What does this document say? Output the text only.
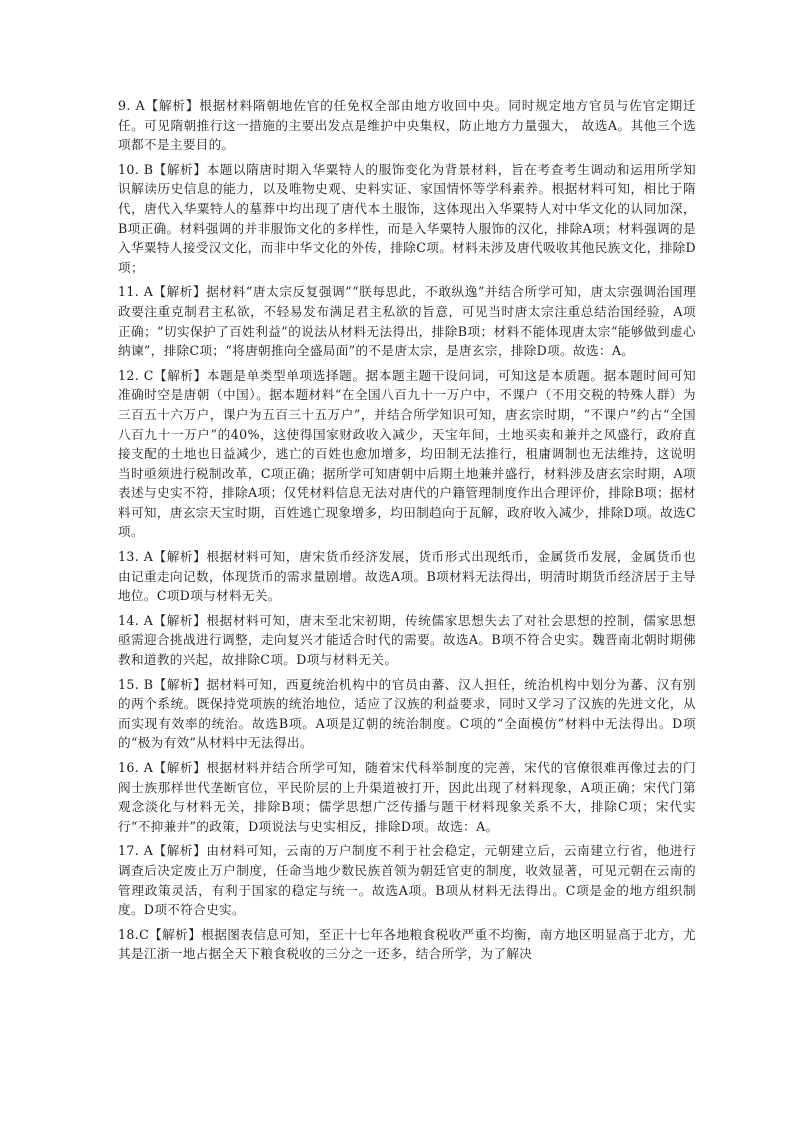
9. A【解析】根据材料隋朝地佐官的任免权全部由地方收回中央。同时规定地方官员与佐官定期迁任。可见隋朝推行这一措施的主要出发点是维护中央集权，防止地方力量强大， 故选A。其他三个选项都不是主要目的。

10. B【解析】本题以隋唐时期入华粟特人的服饰变化为背景材料，旨在考查考生调动和运用所学知识解读历史信息的能力，以及唯物史观、史料实证、家国情怀等学科素养。根据材料可知，相比于隋代，唐代入华粟特人的墓葬中均出现了唐代本土服饰，这体现出入华粟特人对中华文化的认同加深，B项正确。材料强调的并非服饰文化的多样性，而是入华粟特人服饰的汉化，排除A项；材料强调的是入华粟特人接受汉文化，而非中华文化的外传，排除C项。材料未涉及唐代吸收其他民族文化，排除D项；

11. A【解析】据材料“唐太宗反复强调”“朕每思此，不敢纵逸”并结合所学可知，唐太宗强调治国理政要注重克制君主私欲，不轻易发布满足君主私欲的旨意，可见当时唐太宗注重总结治国经验，A项正确；“切实保护了百姓利益”的说法从材料无法得出，排除B项；材料不能体现唐太宗“能够做到虚心纳谏”，排除C项；“将唐朝推向全盛局面”的不是唐太宗，是唐玄宗，排除D项。故选：A。

12. C【解析】本题是单类型单项选择题。据本题主题干设问词，可知这是本质题。据本题时间可知准确时空是唐朝（中国）。据本题材料“在全国八百九十一万户中，不课户（不用交税的特殊人群）为三百五十六万户，课户为五百三十五万户”，并结合所学知识可知，唐玄宗时期，“不课户”约占“全国八百九十一万户”的40%，这使得国家财政收入减少，天宝年间，土地买卖和兼并之风盛行，政府直接支配的土地也日益减少，逃亡的百姓也愈加增多，均田制无法推行，租庸调制也无法维持，这说明当时亟须进行税制改革，C项正确；据所学可知唐朝中后期土地兼并盛行，材料涉及唐玄宗时期，A项表述与史实不符，排除A项；仅凭材料信息无法对唐代的户籍管理制度作出合理评价，排除B项；据材料可知，唐玄宗天宝时期，百姓逃亡现象增多，均田制趋向于瓦解，政府收入减少，排除D项。故选C项。

13. A【解析】根据材料可知，唐宋货币经济发展，货币形式出现纸币，金属货币发展，金属货币也由记重走向记数，体现货币的需求量剧增。故选A项。B项材料无法得出，明清时期货币经济居于主导地位。C项D项与材料无关。

14. A【解析】根据材料可知，唐末至北宋初期，传统儒家思想失去了对社会思想的控制，儒家思想亟需迎合挑战进行调整，走向复兴才能适合时代的需要。故选A。B项不符合史实。魏晋南北朝时期佛教和道教的兴起，故排除C项。D项与材料无关。

15. B【解析】据材料可知，西夏统治机构中的官员由蕃、汉人担任，统治机构中划分为蕃、汉有别的两个系统。既保持党项族的统治地位，适应了汉族的利益要求，同时又学习了汉族的先进文化，从而实现有效率的统治。故选B项。A项是辽朝的统治制度。C项的“全面模仿”材料中无法得出。D项的“极为有效”从材料中无法得出。

16. A【解析】根据材料并结合所学可知，随着宋代科举制度的完善，宋代的官僚很难再像过去的门阀士族那样世代垄断官位，平民阶层的上升渠道被打开，因此出现了材料现象，A项正确；宋代门第观念淡化与材料无关，排除B项；儒学思想广泛传播与题干材料现象关系不大，排除C项；宋代实行“不抑兼并”的政策，D项说法与史实相反，排除D项。故选：A。

17. A【解析】由材料可知，云南的万户制度不利于社会稳定，元朝建立后，云南建立行省，他进行调查后决定废止万户制度，任命当地少数民族首领为朝廷官吏的制度，收效显著，可见元朝在云南的管理政策灵活，有利于国家的稳定与统一。故选A项。B项从材料无法得出。C项是金的地方组织制度。D项不符合史实。

18.C【解析】根据图表信息可知，至正十七年各地粮食税收严重不均衡，南方地区明显高于北方，尤其是江浙一地占据全天下粮食税收的三分之一还多，结合所学，为了解决
